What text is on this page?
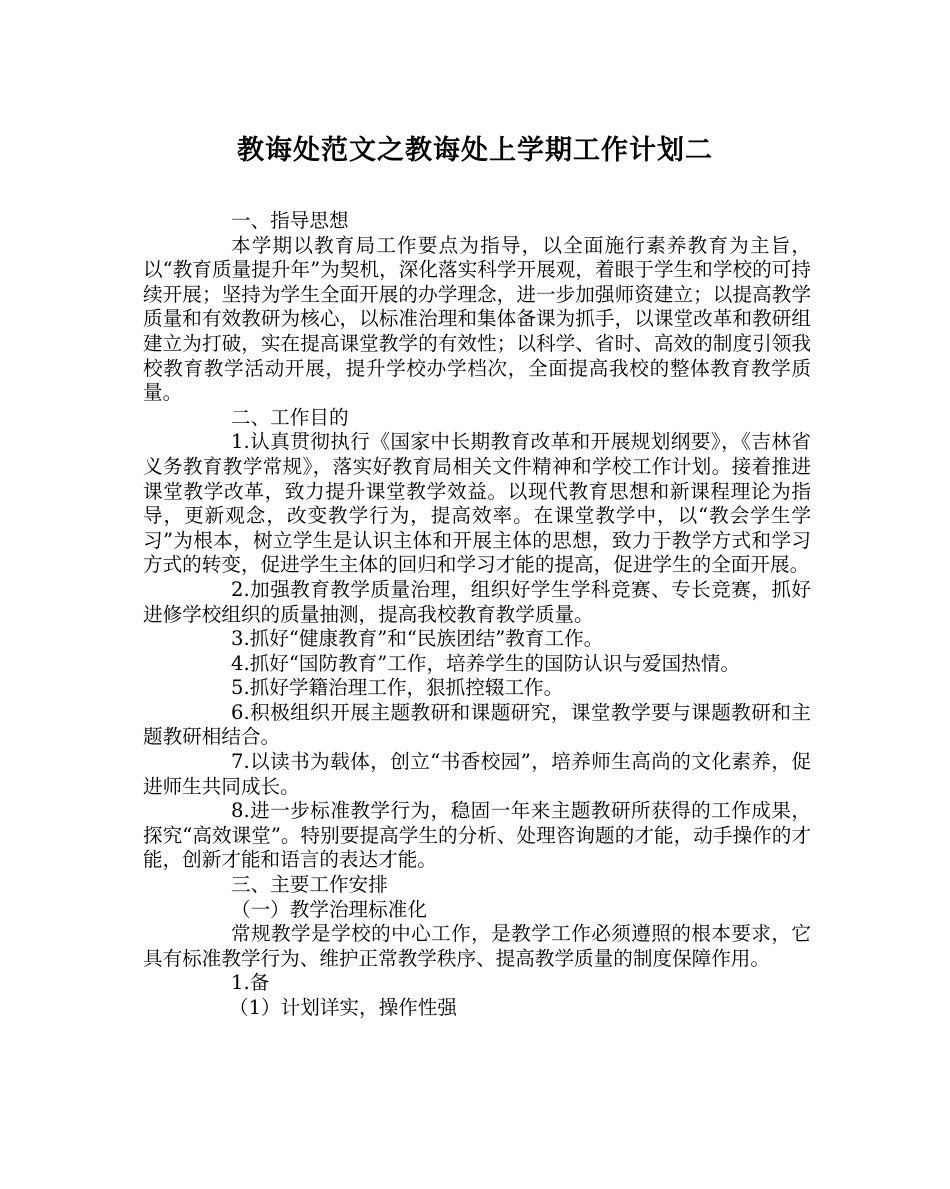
教诲处范文之教诲处上学期工作计划二

一、指导思想

本学期以教育局工作要点为指导，以全面施行素养教育为主旨，以“教育质量提升年”为契机，深化落实科学开展观，着眼于学生和学校的可持续开展；坚持为学生全面开展的办学理念，进一步加强师资建立；以提高教学质量和有效教研为核心，以标准治理和集体备课为抓手，以课堂改革和教研组建立为打破，实在提高课堂教学的有效性；以科学、省时、高效的制度引领我校教育教学活动开展，提升学校办学档次，全面提高我校的整体教育教学质量。

二、工作目的

1.认真贯彻执行《国家中长期教育改革和开展规划纲要》，《吉林省义务教育教学常规》，落实好教育局相关文件精神和学校工作计划。接着推进课堂教学改革，致力提升课堂教学效益。以现代教育思想和新课程理论为指导，更新观念，改变教学行为，提高效率。在课堂教学中，以“教会学生学习”为根本，树立学生是认识主体和开展主体的思想，致力于教学方式和学习方式的转变，促进学生主体的回归和学习才能的提高，促进学生的全面开展。

2.加强教育教学质量治理，组织好学生学科竞赛、专长竞赛，抓好进修学校组织的质量抽测，提高我校教育教学质量。

3.抓好“健康教育”和“民族团结”教育工作。

4.抓好“国防教育”工作，培养学生的国防认识与爱国热情。

5.抓好学籍治理工作，狠抓控辍工作。

6.积极组织开展主题教研和课题研究，课堂教学要与课题教研和主题教研相结合。

7.以读书为载体，创立“书香校园”，培养师生高尚的文化素养，促进师生共同成长。

8.进一步标准教学行为，稳固一年来主题教研所获得的工作成果，探究“高效课堂”。特别要提高学生的分析、处理咨询题的才能，动手操作的才能，创新才能和语言的表达才能。

三、主要工作安排

（一）教学治理标准化

常规教学是学校的中心工作，是教学工作必须遵照的根本要求，它具有标准教学行为、维护正常教学秩序、提高教学质量的制度保障作用。

1.备

（1）计划详实，操作性强
